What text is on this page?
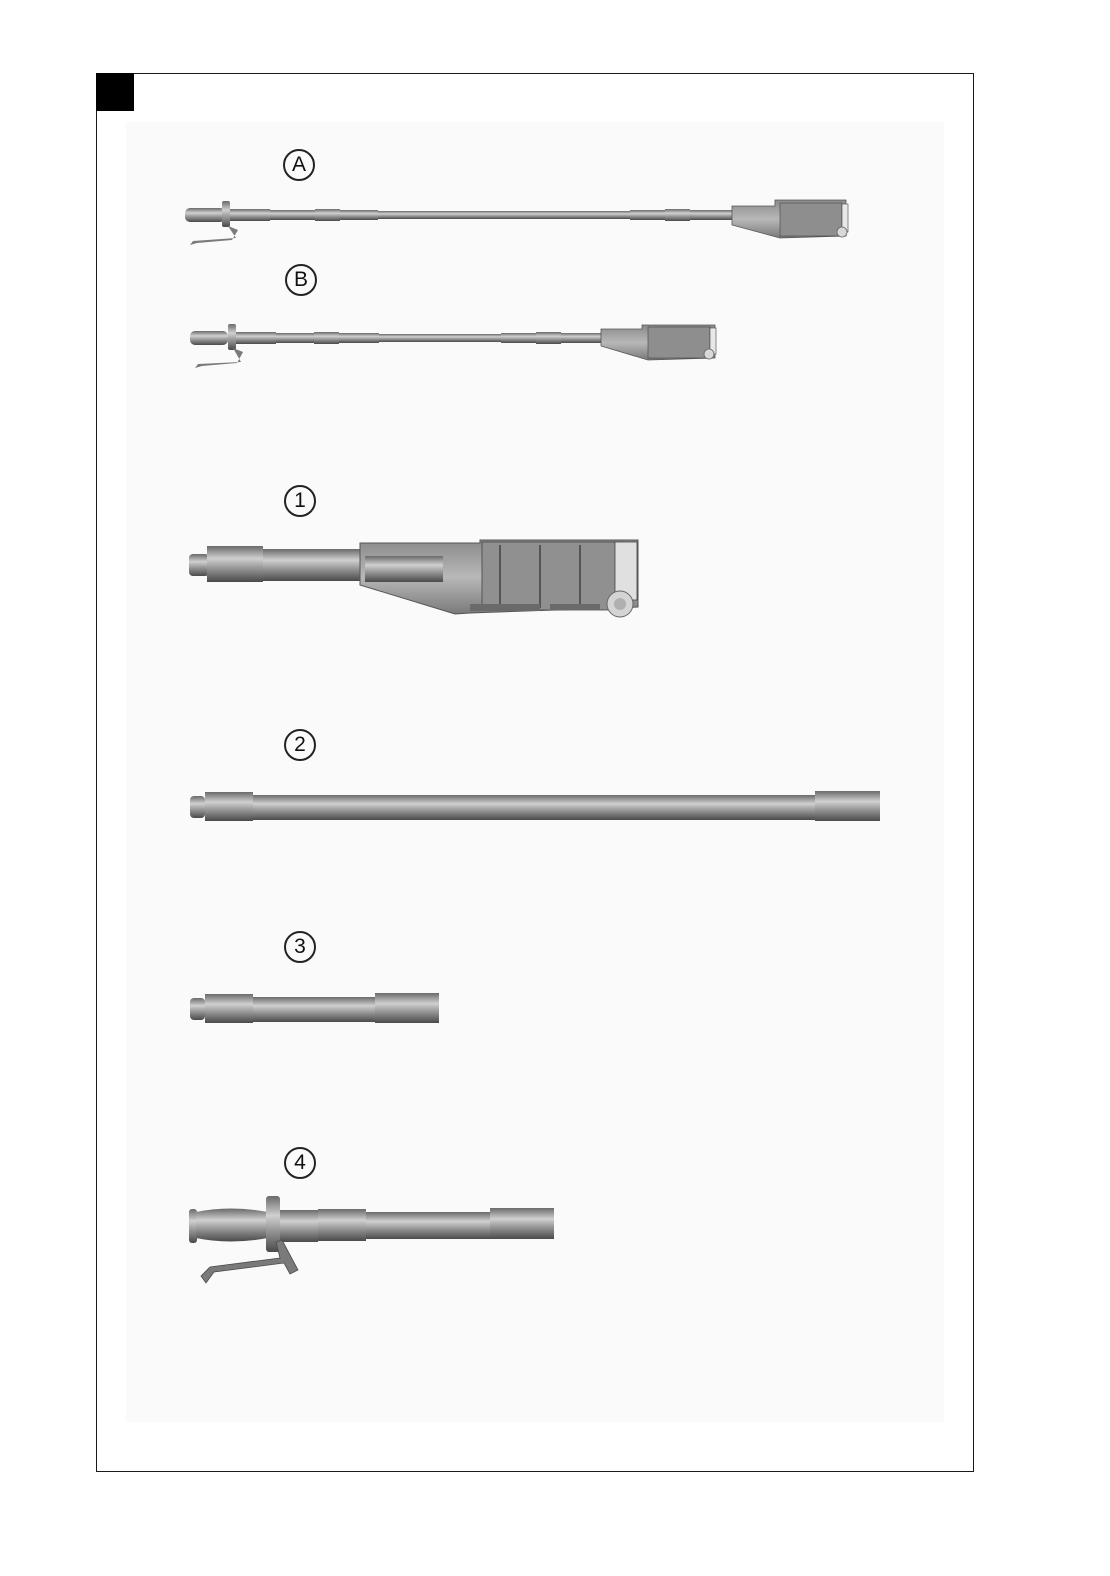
A
B
1
2
3
4
